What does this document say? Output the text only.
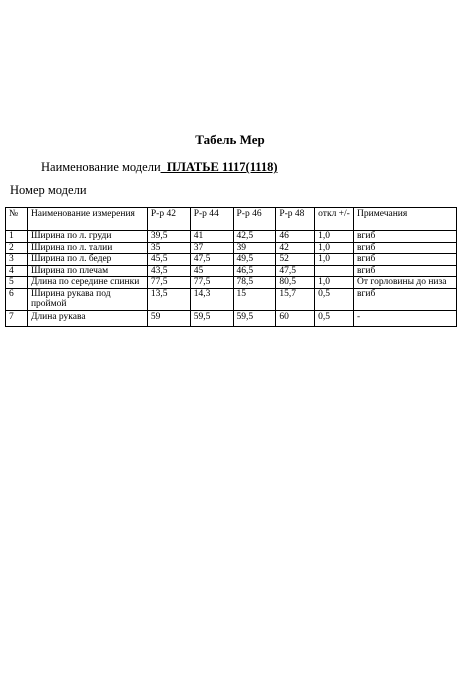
Табель Мер
Наименование модели_ПЛАТЬЕ 1117(1118)
Номер модели
№	Наименование измерения	Р-р 42	Р-р 44	Р-р 46	Р-р 48	откл +/-	Примечания
1	Ширина по л. груди	39,5	41	42,5	46	1,0	вгиб
2	Ширина по л. талии	35	37	39	42	1,0	вгиб
3	Ширина по л. бедер	45,5	47,5	49,5	52	1,0	вгиб
4	Ширина по плечам	43,5	45	46,5	47,5		вгиб
5	Длина по середине спинки	77,5	77,5	78,5	80,5	1,0	От горловины до низа
6	Ширина рукава под проймой	13,5	14,3	15	15,7	0,5	вгиб
7	Длина рукава	59	59,5	59,5	60	0,5	-
